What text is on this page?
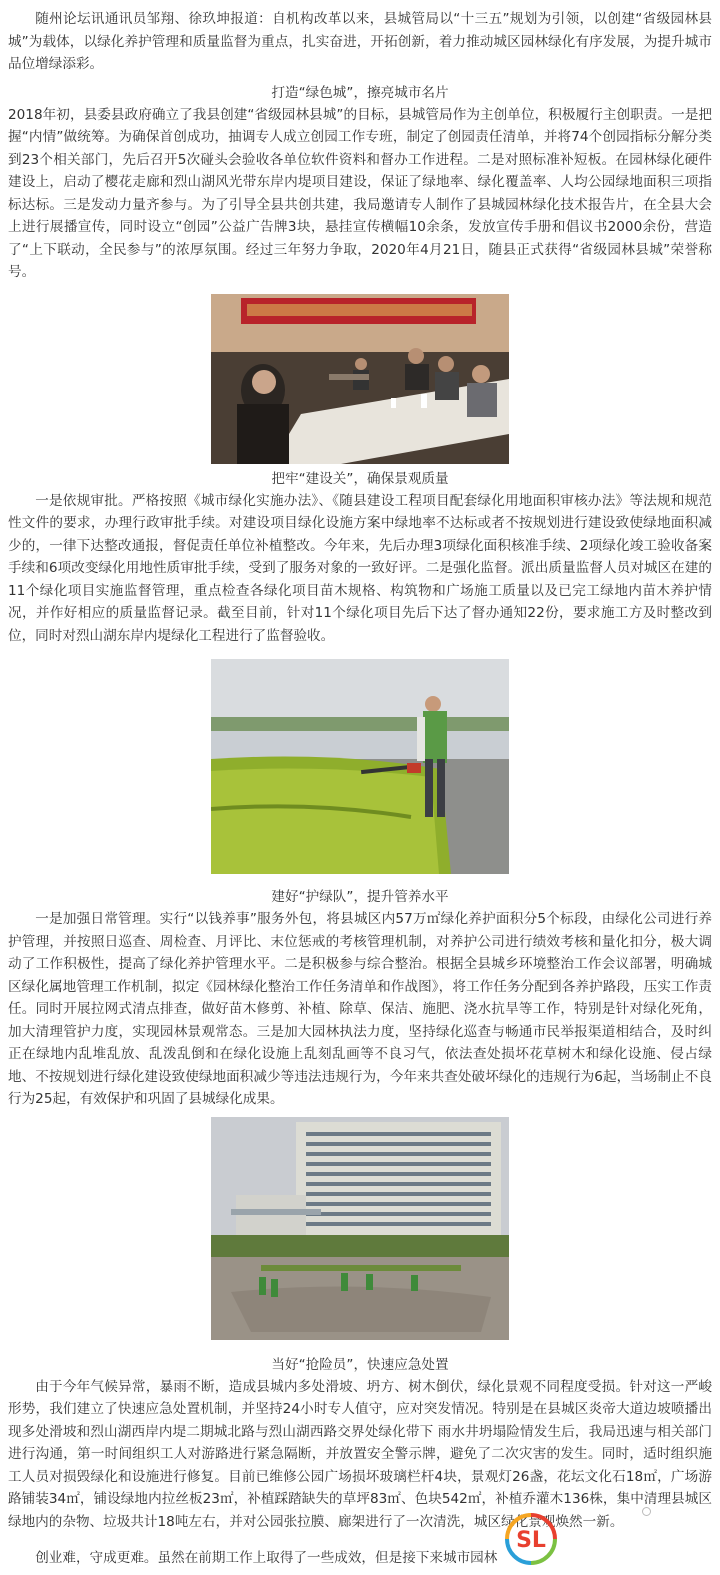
随州论坛讯通讯员邹翔、徐玖坤报道：自机构改革以来，县城管局以“十三五”规划为引领，以创建“省级园林县城”为载体，以绿化养护管理和质量监督为重点，扎实奋进，开拓创新，着力推动城区园林绿化有序发展，为提升城市品位增绿添彩。

打造“绿色城”，擦亮城市名片

2018年初，县委县政府确立了我县创建“省级园林县城”的目标，县城管局作为主创单位，积极履行主创职责。一是把握“内情”做统筹。为确保首创成功，抽调专人成立创园工作专班，制定了创园责任清单，并将74个创园指标分解分类到23个相关部门，先后召开5次碰头会验收各单位软件资料和督办工作进程。二是对照标准补短板。在园林绿化硬件建设上，启动了樱花走廊和烈山湖风光带东岸内堤项目建设，保证了绿地率、绿化覆盖率、人均公园绿地面积三项指标达标。三是发动力量齐参与。为了引导全县共创共建，我局邀请专人制作了县城园林绿化技术报告片，在全县大会上进行展播宣传，同时设立“创园”公益广告牌3块，悬挂宣传横幅10余条，发放宣传手册和倡议书2000余份，营造了“上下联动，全民参与”的浓厚氛围。经过三年努力争取，2020年4月21日，随县正式获得“省级园林县城”荣誉称号。

把牢“建设关”，确保景观质量

一是依规审批。严格按照《城市绿化实施办法》、《随县建设工程项目配套绿化用地面积审核办法》等法规和规范性文件的要求，办理行政审批手续。对建设项目绿化设施方案中绿地率不达标或者不按规划进行建设致使绿地面积减少的，一律下达整改通报，督促责任单位补植整改。今年来，先后办理3项绿化面积核准手续、2项绿化竣工验收备案手续和6项改变绿化用地性质审批手续，受到了服务对象的一致好评。二是强化监督。派出质量监督人员对城区在建的11个绿化项目实施监督管理，重点检查各绿化项目苗木规格、构筑物和广场施工质量以及已完工绿地内苗木养护情况，并作好相应的质量监督记录。截至目前，针对11个绿化项目先后下达了督办通知22份，要求施工方及时整改到位，同时对烈山湖东岸内堤绿化工程进行了监督验收。

建好“护绿队”，提升管养水平

一是加强日常管理。实行“以钱养事”服务外包，将县城区内57万㎡绿化养护面积分5个标段，由绿化公司进行养护管理，并按照日巡查、周检查、月评比、末位惩戒的考核管理机制，对养护公司进行绩效考核和量化扣分，极大调动了工作积极性，提高了绿化养护管理水平。二是积极参与综合整治。根据全县城乡环境整治工作会议部署，明确城区绿化属地管理工作机制，拟定《园林绿化整治工作任务清单和作战图》，将工作任务分配到各养护路段，压实工作责任。同时开展拉网式清点排查，做好苗木修剪、补植、除草、保洁、施肥、浇水抗旱等工作，特别是针对绿化死角，加大清理管护力度，实现园林景观常态。三是加大园林执法力度，坚持绿化巡查与畅通市民举报渠道相结合，及时纠正在绿地内乱堆乱放、乱泼乱倒和在绿化设施上乱刻乱画等不良习气，依法查处损坏花草树木和绿化设施、侵占绿地、不按规划进行绿化建设致使绿地面积减少等违法违规行为，今年来共查处破坏绿化的违规行为6起，当场制止不良行为25起，有效保护和巩固了县城绿化成果。

当好“抢险员”，快速应急处置

由于今年气候异常，暴雨不断，造成县城内多处滑坡、坍方、树木倒伏，绿化景观不同程度受损。针对这一严峻形势，我们建立了快速应急处置机制，并坚持24小时专人值守，应对突发情况。特别是在县城区炎帝大道边坡喷播出现多处滑坡和烈山湖西岸内堤二期城北路与烈山湖西路交界处绿化带下 雨水井坍塌险情发生后，我局迅速与相关部门进行沟通，第一时间组织工人对游路进行紧急隔断，并放置安全警示牌，避免了二次灾害的发生。同时，适时组织施工人员对损毁绿化和设施进行修复。目前已维修公园广场损坏玻璃栏杆4块，景观灯26盏，花坛文化石18㎡，广场游路铺装34㎡，铺设绿地内拉丝板23㎡，补植踩踏缺失的草坪83㎡、色块542㎡，补植乔灌木136株，集中清理县城区绿地内的杂物、垃圾共计18吨左右，并对公园张拉膜、廊架进行了一次清洗，城区绿化景观焕然一新。

创业难，守成更难。虽然在前期工作上取得了一些成效，但是接下来城市园林

SL
